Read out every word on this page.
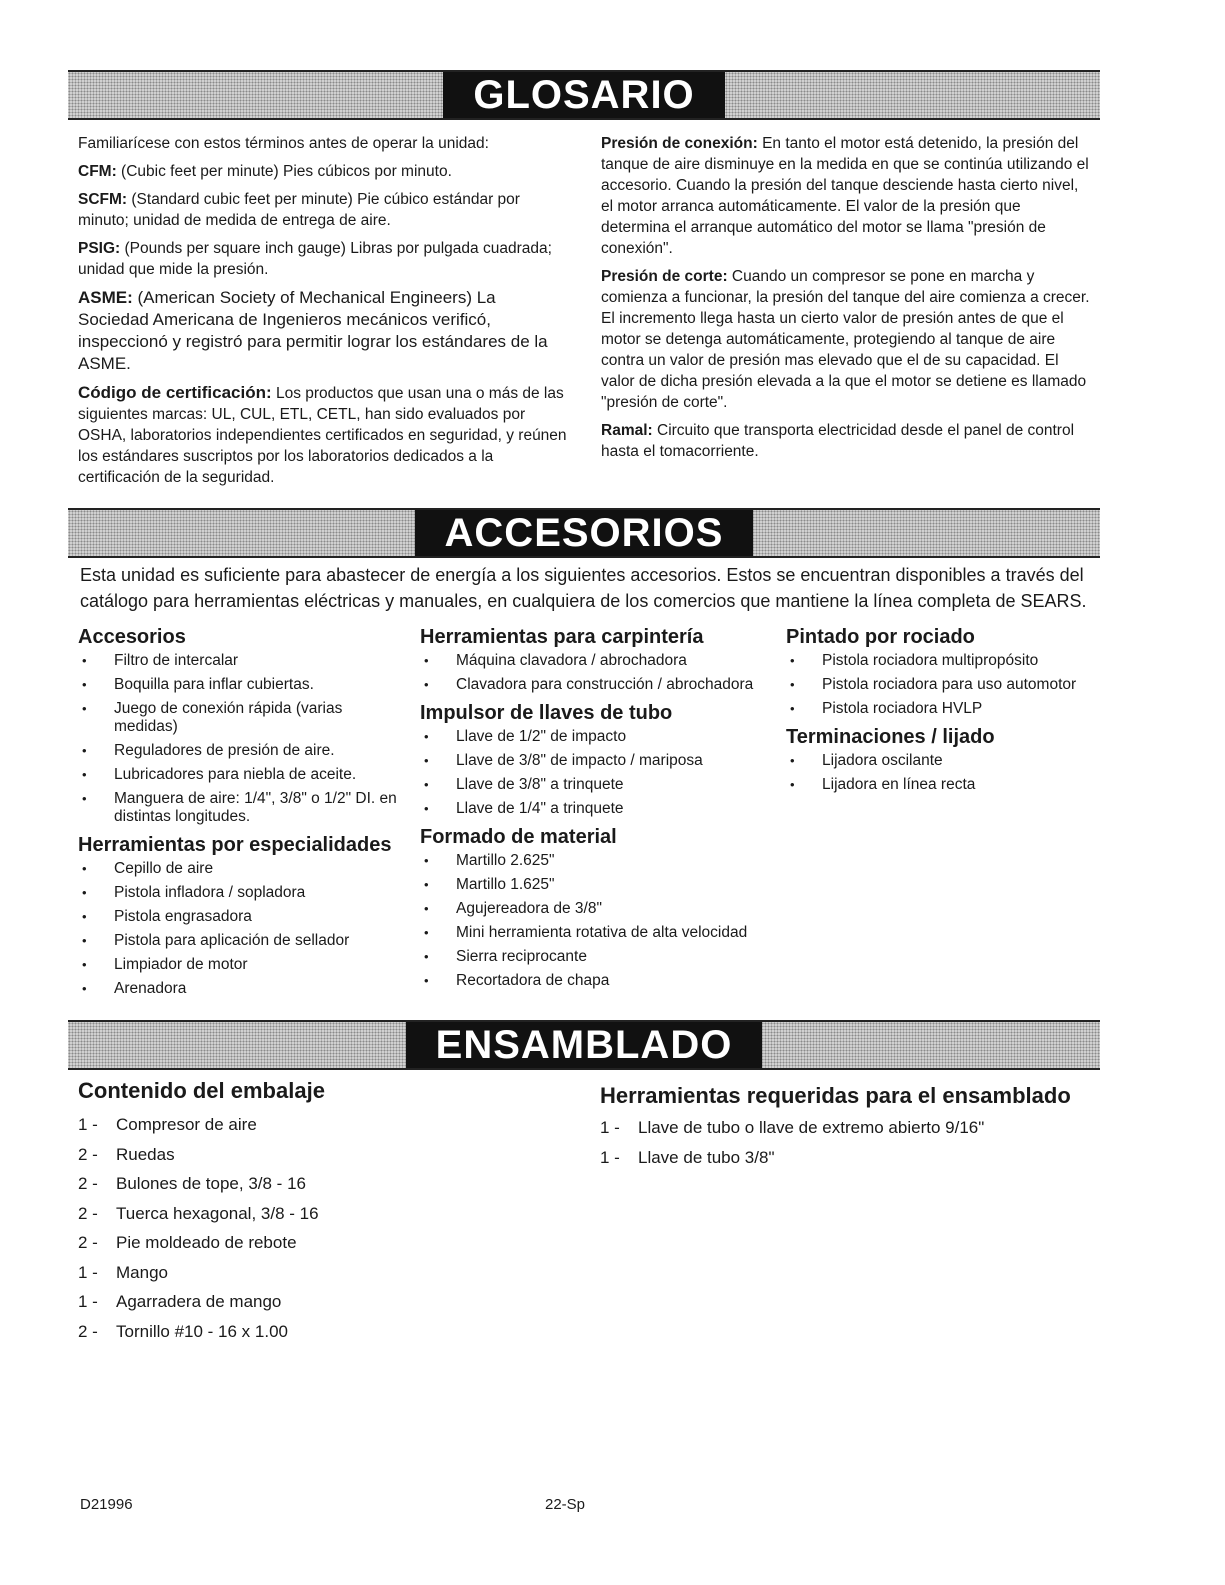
GLOSARIO

Familiarícese con estos términos antes de operar la unidad:

CFM: (Cubic feet per minute) Pies cúbicos por minuto.

SCFM: (Standard cubic feet per minute) Pie cúbico estándar por minuto; unidad de medida de entrega de aire.

PSIG: (Pounds per square inch gauge) Libras por pulgada cuadrada; unidad que mide la presión.

ASME: (American Society of Mechanical Engineers) La Sociedad Americana de Ingenieros mecánicos verificó, inspeccionó y registró para permitir lograr los estándares de la ASME.

Código de certificación: Los productos que usan una o más de las siguientes marcas: UL, CUL, ETL, CETL, han sido evaluados por OSHA, laboratorios independientes certificados en seguridad, y reúnen los estándares suscriptos por los laboratorios dedicados a la certificación de la seguridad.

Presión de conexión: En tanto el motor está detenido, la presión del tanque de aire disminuye en la medida en que se continúa utilizando el accesorio. Cuando la presión del tanque desciende hasta cierto nivel, el motor arranca automáticamente. El valor de la presión que determina el arranque automático del motor se llama "presión de conexión".

Presión de corte: Cuando un compresor se pone en marcha y comienza a funcionar, la presión del tanque del aire comienza a crecer. El incremento llega hasta un cierto valor de presión antes de que el motor se detenga automáticamente, protegiendo al tanque de aire contra un valor de presión mas elevado que el de su capacidad. El valor de dicha presión elevada a la que el motor se detiene es llamado "presión de corte".

Ramal: Circuito que transporta electricidad desde el panel de control hasta el tomacorriente.

ACCESORIOS
Esta unidad es suficiente para abastecer de energía a los siguientes accesorios. Estos se encuentran disponibles a través del catálogo para herramientas eléctricas y manuales, en cualquiera de los comercios que mantiene la línea completa de SEARS.
Accesorios
• Filtro de intercalar
• Boquilla para inflar cubiertas.
• Juego de conexión rápida (varias medidas)
• Reguladores de presión de aire.
• Lubricadores para niebla de aceite.
• Manguera de aire: 1/4", 3/8" o 1/2" DI. en distintas longitudes.
Herramientas por especialidades
• Cepillo de aire
• Pistola infladora / sopladora
• Pistola engrasadora
• Pistola para aplicación de sellador
• Limpiador de motor
• Arenadora
Herramientas para carpintería
• Máquina clavadora / abrochadora
• Clavadora para construcción / abrochadora
Impulsor de llaves de tubo
• Llave de 1/2" de impacto
• Llave de 3/8" de impacto / mariposa
• Llave de 3/8" a trinquete
• Llave de 1/4" a trinquete
Formado de material
• Martillo 2.625"
• Martillo 1.625"
• Agujereadora de 3/8"
• Mini herramienta rotativa de alta velocidad
• Sierra reciprocante
• Recortadora de chapa
Pintado por rociado
• Pistola rociadora multipropósito
• Pistola rociadora para uso automotor
• Pistola rociadora HVLP
Terminaciones / lijado
• Lijadora oscilante
• Lijadora en línea recta
ENSAMBLADO
Contenido del embalaje
1 -	Compresor de aire
2 -	Ruedas
2 -	Bulones de tope, 3/8 - 16
2 -	Tuerca hexagonal, 3/8 - 16
2 -	Pie moldeado de rebote
1 -	Mango
1 -	Agarradera de mango
2 -	Tornillo #10 - 16 x 1.00
Herramientas requeridas para el ensamblado
1 -	Llave de tubo o llave de extremo abierto 9/16"
1 -	Llave de tubo 3/8"
D21996	22-Sp
